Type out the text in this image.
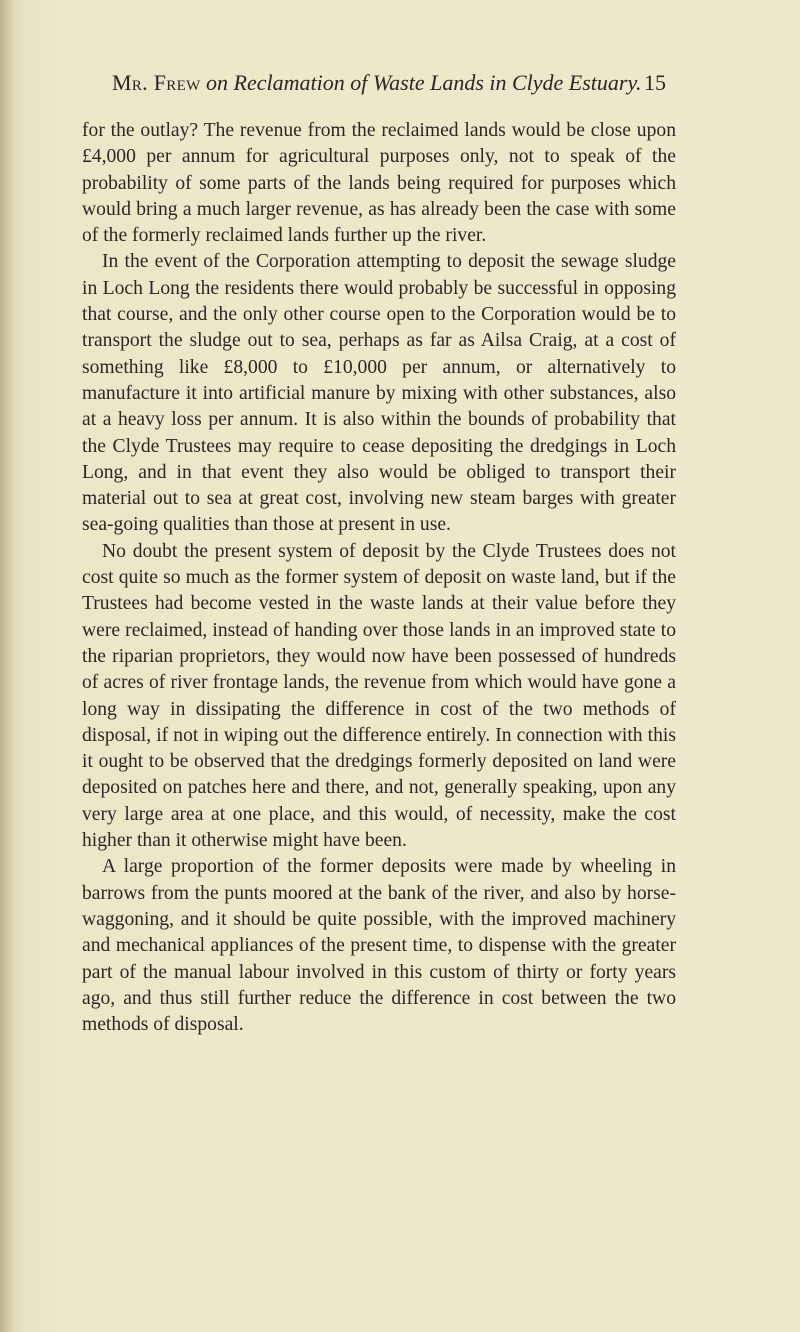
Mr. Frew on Reclamation of Waste Lands in Clyde Estuary. 15

for the outlay? The revenue from the reclaimed lands would be close upon £4,000 per annum for agricultural purposes only, not to speak of the probability of some parts of the lands being required for purposes which would bring a much larger revenue, as has already been the case with some of the formerly reclaimed lands further up the river.

In the event of the Corporation attempting to deposit the sewage sludge in Loch Long the residents there would probably be successful in opposing that course, and the only other course open to the Corporation would be to transport the sludge out to sea, perhaps as far as Ailsa Craig, at a cost of something like £8,000 to £10,000 per annum, or alternatively to manufacture it into artificial manure by mixing with other substances, also at a heavy loss per annum. It is also within the bounds of probability that the Clyde Trustees may require to cease depositing the dredgings in Loch Long, and in that event they also would be obliged to transport their material out to sea at great cost, involving new steam barges with greater sea-going qualities than those at present in use.

No doubt the present system of deposit by the Clyde Trustees does not cost quite so much as the former system of deposit on waste land, but if the Trustees had become vested in the waste lands at their value before they were reclaimed, instead of handing over those lands in an improved state to the riparian proprietors, they would now have been possessed of hundreds of acres of river frontage lands, the revenue from which would have gone a long way in dissipating the difference in cost of the two methods of disposal, if not in wiping out the difference entirely. In connection with this it ought to be observed that the dredgings formerly deposited on land were deposited on patches here and there, and not, generally speaking, upon any very large area at one place, and this would, of necessity, make the cost higher than it otherwise might have been.

A large proportion of the former deposits were made by wheeling in barrows from the punts moored at the bank of the river, and also by horse-waggoning, and it should be quite possible, with the improved machinery and mechanical appliances of the present time, to dispense with the greater part of the manual labour involved in this custom of thirty or forty years ago, and thus still further reduce the difference in cost between the two methods of disposal.
